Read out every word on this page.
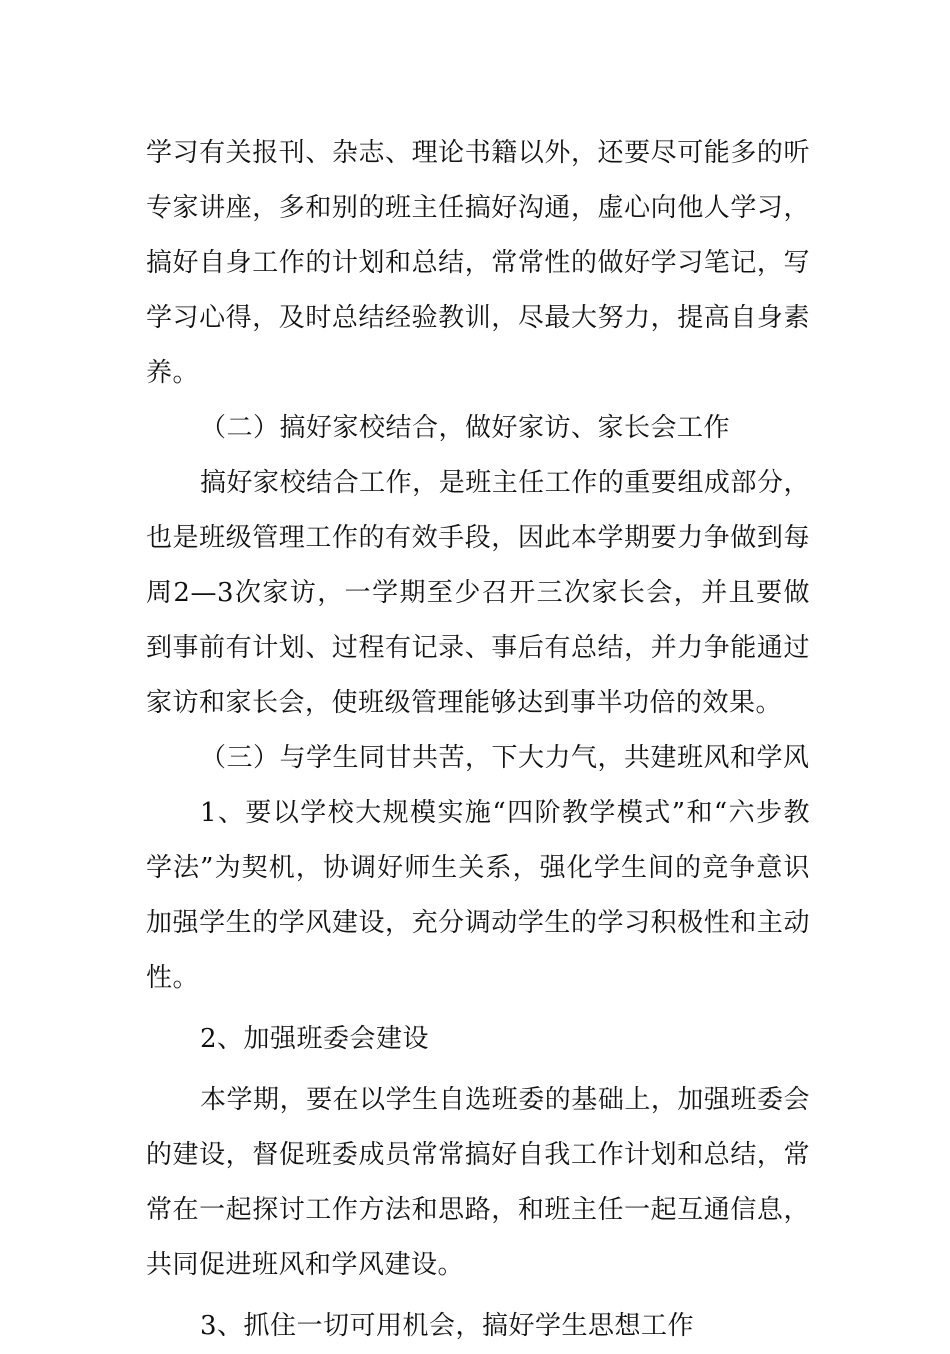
学习有关报刊、杂志、理论书籍以外，还要尽可能多的听专家讲座，多和别的班主任搞好沟通，虚心向他人学习，搞好自身工作的计划和总结，常常性的做好学习笔记，写学习心得，及时总结经验教训，尽最大努力，提高自身素养。

（二）搞好家校结合，做好家访、家长会工作

搞好家校结合工作，是班主任工作的重要组成部分，也是班级管理工作的有效手段，因此本学期要力争做到每周2—3次家访，一学期至少召开三次家长会，并且要做到事前有计划、过程有记录、事后有总结，并力争能通过家访和家长会，使班级管理能够达到事半功倍的效果。

（三）与学生同甘共苦，下大力气，共建班风和学风

1、要以学校大规模实施“四阶教学模式”和“六步教学法”为契机，协调好师生关系，强化学生间的竞争意识加强学生的学风建设，充分调动学生的学习积极性和主动性。

2、加强班委会建设

本学期，要在以学生自选班委的基础上，加强班委会的建设，督促班委成员常常搞好自我工作计划和总结，常常在一起探讨工作方法和思路，和班主任一起互通信息，共同促进班风和学风建设。

3、抓住一切可用机会，搞好学生思想工作
